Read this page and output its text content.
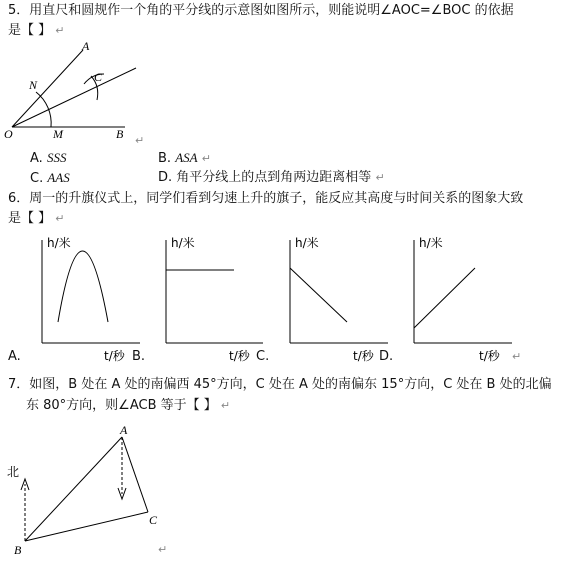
5．用直尺和圆规作一个角的平分线的示意图如图所示，则能说明∠AOC=∠BOC 的依据
是【 】 ↵
A
N
C
O	M	B ↵
A. SSS	B. ASA ↵
C. AAS	D. 角平分线上的点到角两边距离相等 ↵
6．周一的升旗仪式上，同学们看到匀速上升的旗子，能反应其高度与时间关系的图象大致
是【 】 ↵
h/米
t/秒
h/米
t/秒
h/米
t/秒
h/米
t/秒
A.	B.	C.	D.	↵
7．如图，B 处在 A 处的南偏西 45°方向，C 处在 A 处的南偏东 15°方向，C 处在 B 处的北偏
东 80°方向，则∠ACB 等于【 】 ↵
北
A
B
C
↵
